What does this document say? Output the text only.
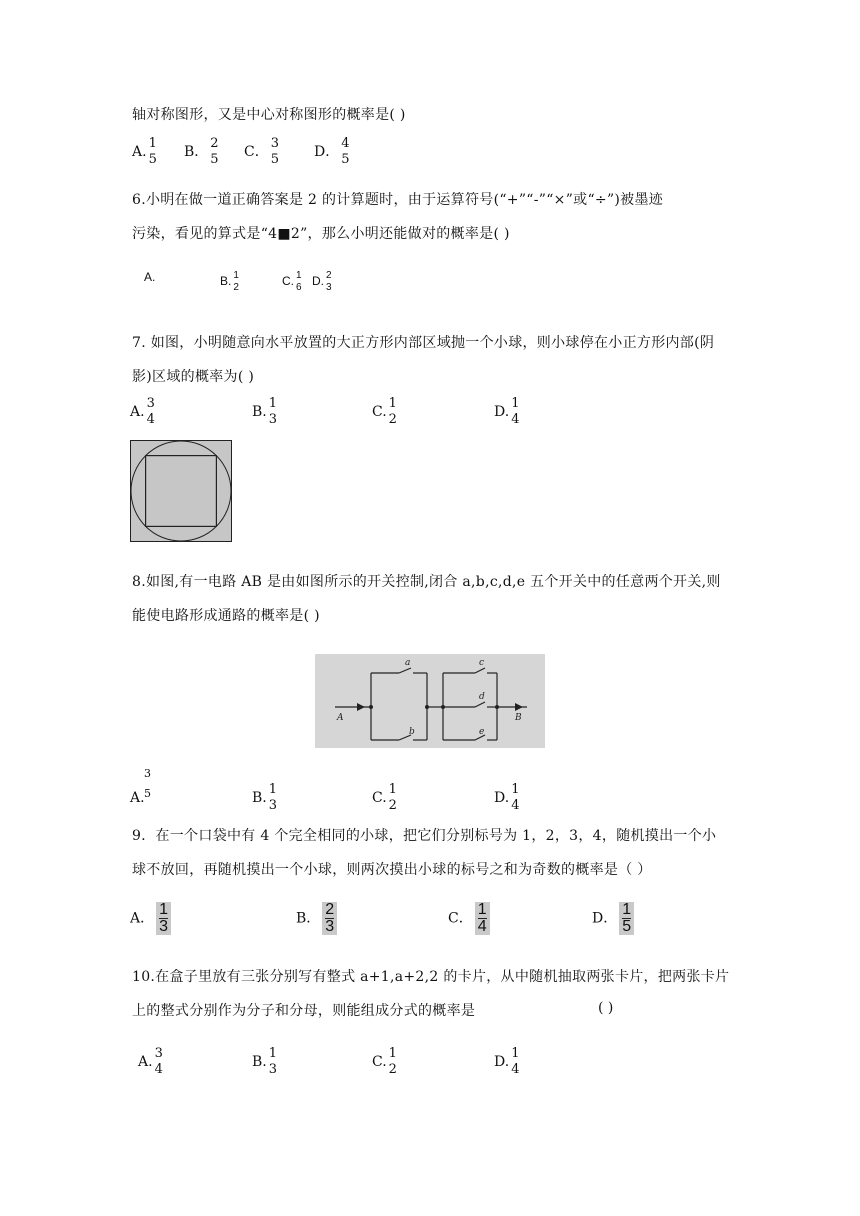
轴对称图形，又是中心对称图形的概率是( )
A.
1
5 B．
2
5 C．
3
5	D．
4
5
6.小明在做一道正确答案是 2 的计算题时，由于运算符号(“+”“-”“×”或“÷”)被墨迹
污染，看见的算式是“4■2”，那么小明还能做对的概率是( )
A.	B. 1
2	C. 1
6 D. 2
3
7. 如图，小明随意向水平放置的大正方形内部区域抛一个小球，则小球停在小正方形内部(阴
影)区域的概率为( )
A.
3
4	B.
1
3	C.
1
2	D.
1
4
8.如图,有一电路 AB 是由如图所示的开关控制,闭合 a,b,c,d,e 五个开关中的任意两个开关,则
能使电路形成通路的概率是( )
a
b
c
d
e
A	B
3
5
A.	B.
1
3	C.
1
2	D.
1
4
9．在一个口袋中有 4 个完全相同的小球，把它们分别标号为 1，2，3，4，随机摸出一个小
球不放回，再随机摸出一个小球，则两次摸出小球的标号之和为奇数的概率是（ ）
A． $\frac{1}{3}$	B． $\frac{2}{3}$	C． $\frac{1}{4}$	D． $\frac{1}{5}$
10.在盒子里放有三张分别写有整式 a+1,a+2,2 的卡片，从中随机抽取两张卡片，把两张卡片
上的整式分别作为分子和分母，则能组成分式的概率是	( )
A.
3
4	B.
1
3	C.
1
2	D.
1
4
